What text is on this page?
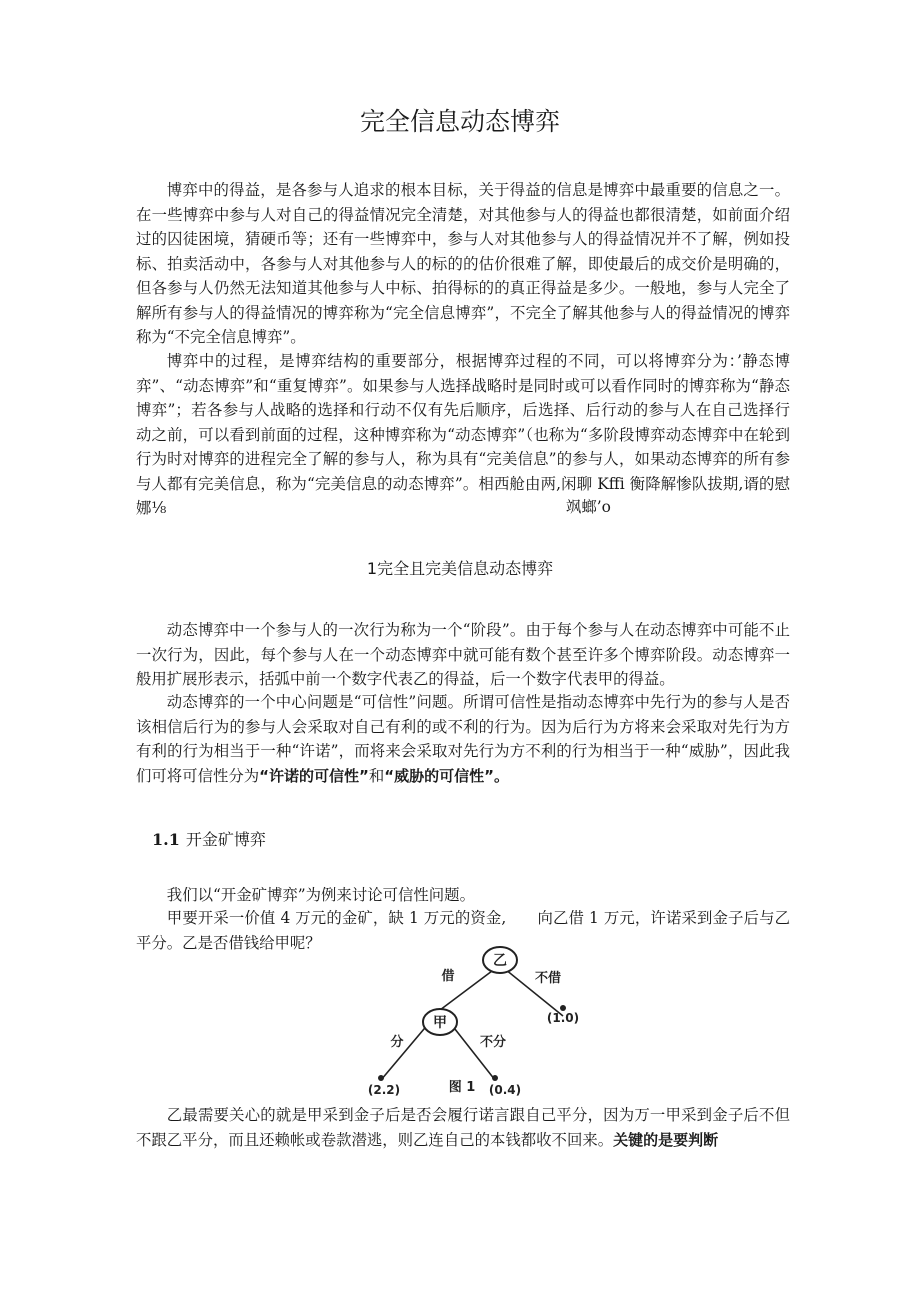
完全信息动态博弈

博弈中的得益，是各参与人追求的根本目标，关于得益的信息是博弈中最重要的信息之一。在一些博弈中参与人对自己的得益情况完全清楚，对其他参与人的得益也都很清楚，如前面介绍过的囚徒困境，猜硬币等；还有一些博弈中，参与人对其他参与人的得益情况并不了解，例如投标、拍卖活动中，各参与人对其他参与人的标的的估价很难了解，即使最后的成交价是明确的，但各参与人仍然无法知道其他参与人中标、拍得标的的真正得益是多少。一般地，参与人完全了解所有参与人的得益情况的博弈称为“完全信息博弈”，不完全了解其他参与人的得益情况的博弈称为“不完全信息博弈”。

博弈中的过程，是博弈结构的重要部分，根据博弈过程的不同，可以将博弈分为：’静态博弈”、“动态博弈”和“重复博弈”。如果参与人选择战略时是同时或可以看作同时的博弈称为“静态博弈”；若各参与人战略的选择和行动不仅有先后顺序，后选择、后行动的参与人在自己选择行动之前，可以看到前面的过程，这种博弈称为“动态博弈”（也称为“多阶段博弈动态博弈中在轮到行为时对博弈的进程完全了解的参与人，称为具有“完美信息”的参与人，如果动态博弈的所有参与人都有完美信息，称为“完美信息的动态博弈”。相西舱由两,闲聊 Kffi 衡降解惨队拔期,谞的慰娜⅛	飒螂’o
1完全且完美信息动态博弈

动态博弈中一个参与人的一次行为称为一个“阶段”。由于每个参与人在动态博弈中可能不止一次行为，因此，每个参与人在一个动态博弈中就可能有数个甚至许多个博弈阶段。动态博弈一般用扩展形表示，括弧中前一个数字代表乙的得益，后一个数字代表甲的得益。

动态博弈的一个中心问题是“可信性”问题。所谓可信性是指动态博弈中先行为的参与人是否该相信后行为的参与人会采取对自己有利的或不利的行为。因为后行为方将来会采取对先行为方有利的行为相当于一种“许诺”，而将来会采取对先行为方不利的行为相当于一种“威胁”，因此我们可将可信性分为“许诺的可信性”和“威胁的可信性”。

1.1 开金矿博弈

我们以“开金矿博弈”为例来讨论可信性问题。

甲要开采一价值 4 万元的金矿，缺 1 万元的资金,　　向乙借 1 万元，许诺采到金子后与乙平分。乙是否借钱给甲呢？

乙
甲
借	不借
分	不分
(1.0)
(2.2)	(0.4)
图 1

乙最需要关心的就是甲采到金子后是否会履行诺言跟自己平分，因为万一甲采到金子后不但不跟乙平分，而且还赖帐或卷款潜逃，则乙连自己的本钱都收不回来。关键的是要判断
